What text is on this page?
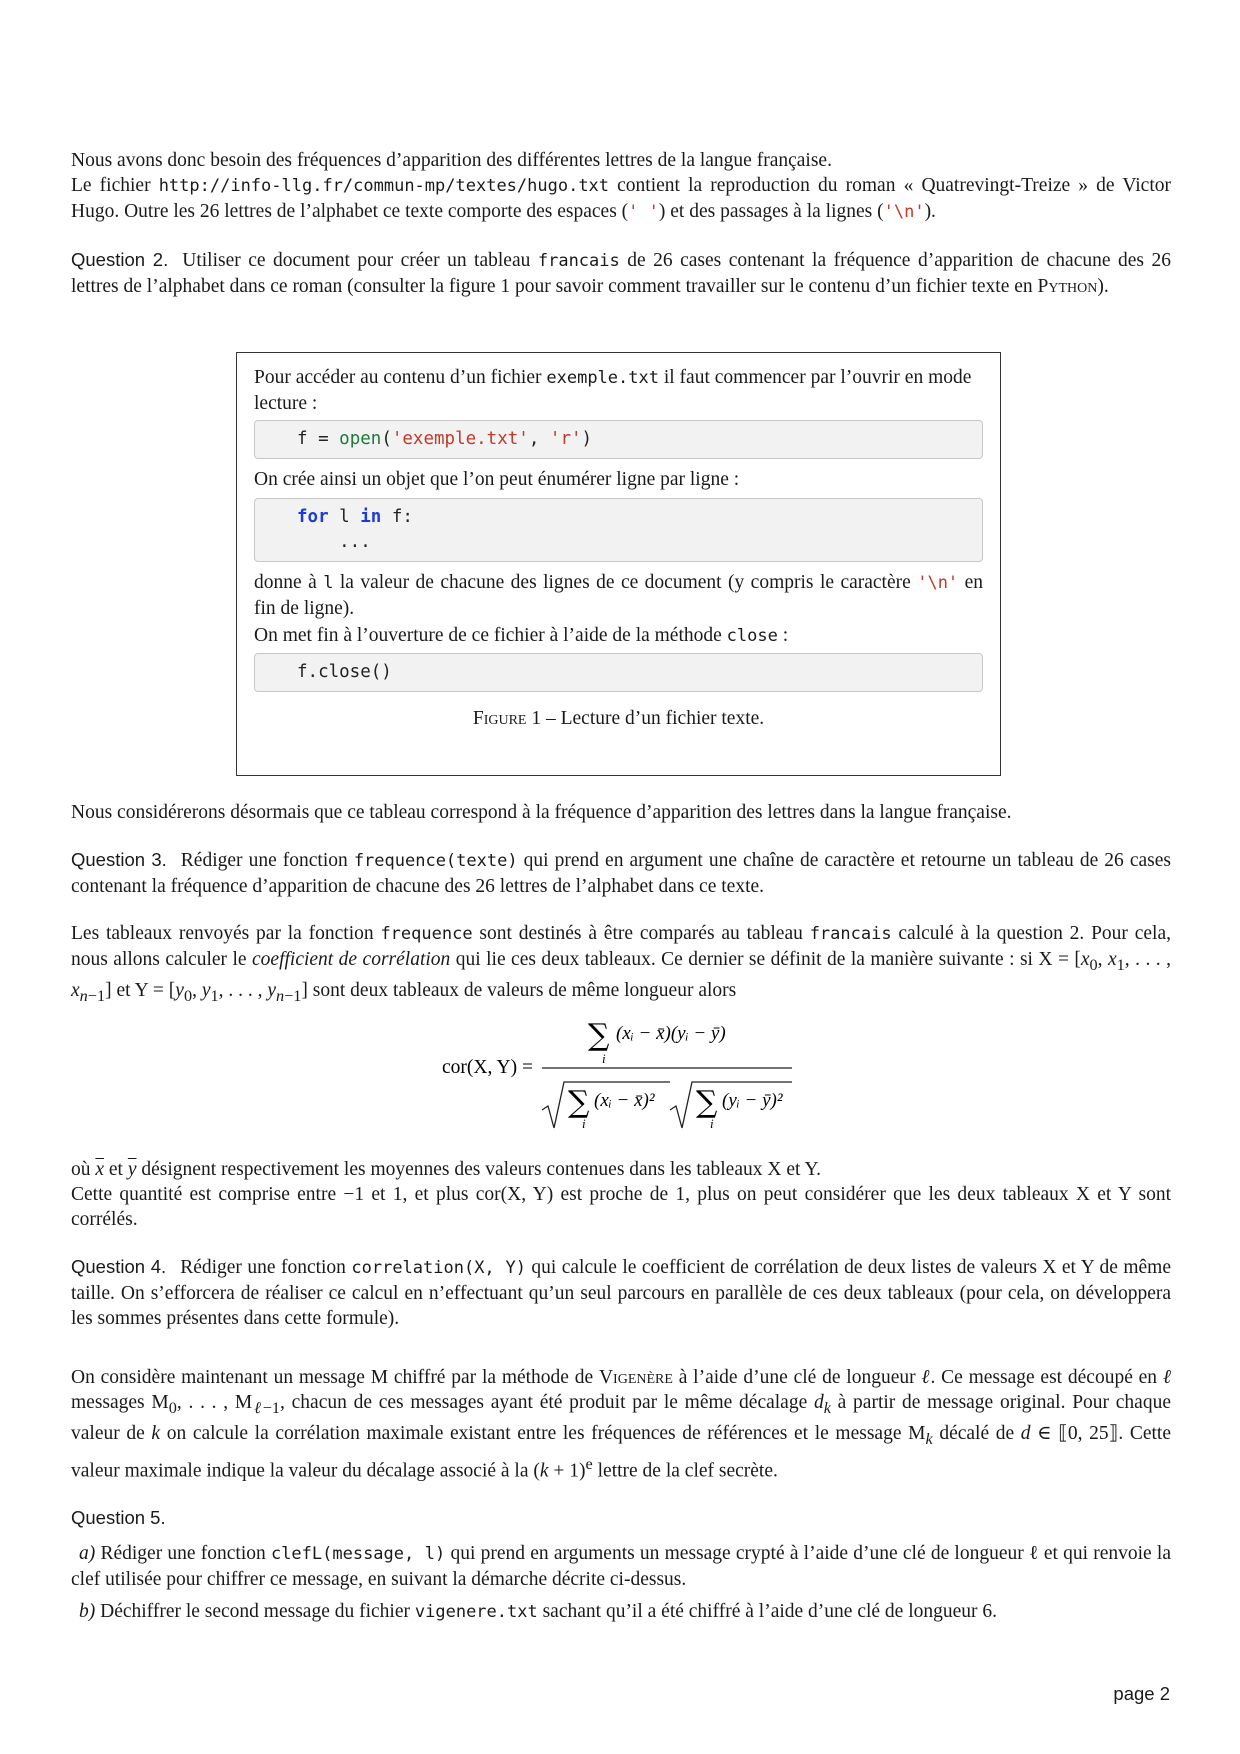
Nous avons donc besoin des fréquences d’apparition des différentes lettres de la langue française.
Le fichier http://info-llg.fr/commun-mp/textes/hugo.txt contient la reproduction du roman « Quatrevingt-Treize » de Victor Hugo. Outre les 26 lettres de l’alphabet ce texte comporte des espaces (' ') et des passages à la lignes ('\n').

Question 2. Utiliser ce document pour créer un tableau francais de 26 cases contenant la fréquence d’apparition de chacune des 26 lettres de l’alphabet dans ce roman (consulter la figure 1 pour savoir comment travailler sur le contenu d’un fichier texte en Python).

Pour accéder au contenu d’un fichier exemple.txt il faut commencer par l’ouvrir en mode lecture :

f = open('exemple.txt', 'r')

On crée ainsi un objet que l’on peut énumérer ligne par ligne :

for l in f:
...

donne à l la valeur de chacune des lignes de ce document (y compris le caractère '\n' en fin de ligne).

On met fin à l’ouverture de ce fichier à l’aide de la méthode close :

f.close()
Figure 1 – Lecture d’un fichier texte.

Nous considérerons désormais que ce tableau correspond à la fréquence d’apparition des lettres dans la langue française.

Question 3. Rédiger une fonction frequence(texte) qui prend en argument une chaîne de caractère et retourne un tableau de 26 cases contenant la fréquence d’apparition de chacune des 26 lettres de l’alphabet dans ce texte.

Les tableaux renvoyés par la fonction frequence sont destinés à être comparés au tableau francais calculé à la question 2. Pour cela, nous allons calculer le coefficient de corrélation qui lie ces deux tableaux. Ce dernier se définit de la manière suivante : si $X = [x_0$, $x_1$, . . . , $x_{n-1}$] et $Y = [y_0$, $y_1$, . . . , $y_{n-1}$] sont deux tableaux de valeurs de même longueur alors

cor(X, Y) =
∑
i
(xᵢ − x̄)(yᵢ − ȳ)
∑
i
(xᵢ − x̄)² ∑
i
(yᵢ − ȳ)²

où $\overline{x}$ et $\overline{y}$ désignent respectivement les moyennes des valeurs contenues dans les tableaux X et Y.
Cette quantité est comprise entre −1 et 1, et plus cor(X, Y) est proche de 1, plus on peut considérer que les deux tableaux X et Y sont corrélés.

Question 4. Rédiger une fonction correlation(X, Y) qui calcule le coefficient de corrélation de deux listes de valeurs X et Y de même taille. On s’efforcera de réaliser ce calcul en n’effectuant qu’un seul parcours en parallèle de ces deux tableaux (pour cela, on développera les sommes présentes dans cette formule).

On considère maintenant un message M chiffré par la méthode de Vigenère à l’aide d’une clé de longueur ℓ. Ce message est découpé en ℓ messages $M_0$, . . . , $M_{\ell-1}$, chacun de ces messages ayant été produit par le même décalage $d_k$ à partir de message original. Pour chaque valeur de k on calcule la corrélation maximale existant entre les fréquences de références et le message $M_k$ décalé de d ∈ ⟦0, 25⟧. Cette valeur maximale indique la valeur du décalage associé à la $(k + 1)^e$ lettre de la clef secrète.

Question 5.

a) Rédiger une fonction clefL(message, l) qui prend en arguments un message crypté à l’aide d’une clé de longueur ℓ et qui renvoie la clef utilisée pour chiffrer ce message, en suivant la démarche décrite ci-dessus.

b) Déchiffrer le second message du fichier vigenere.txt sachant qu’il a été chiffré à l’aide d’une clé de longueur 6.

page 2
